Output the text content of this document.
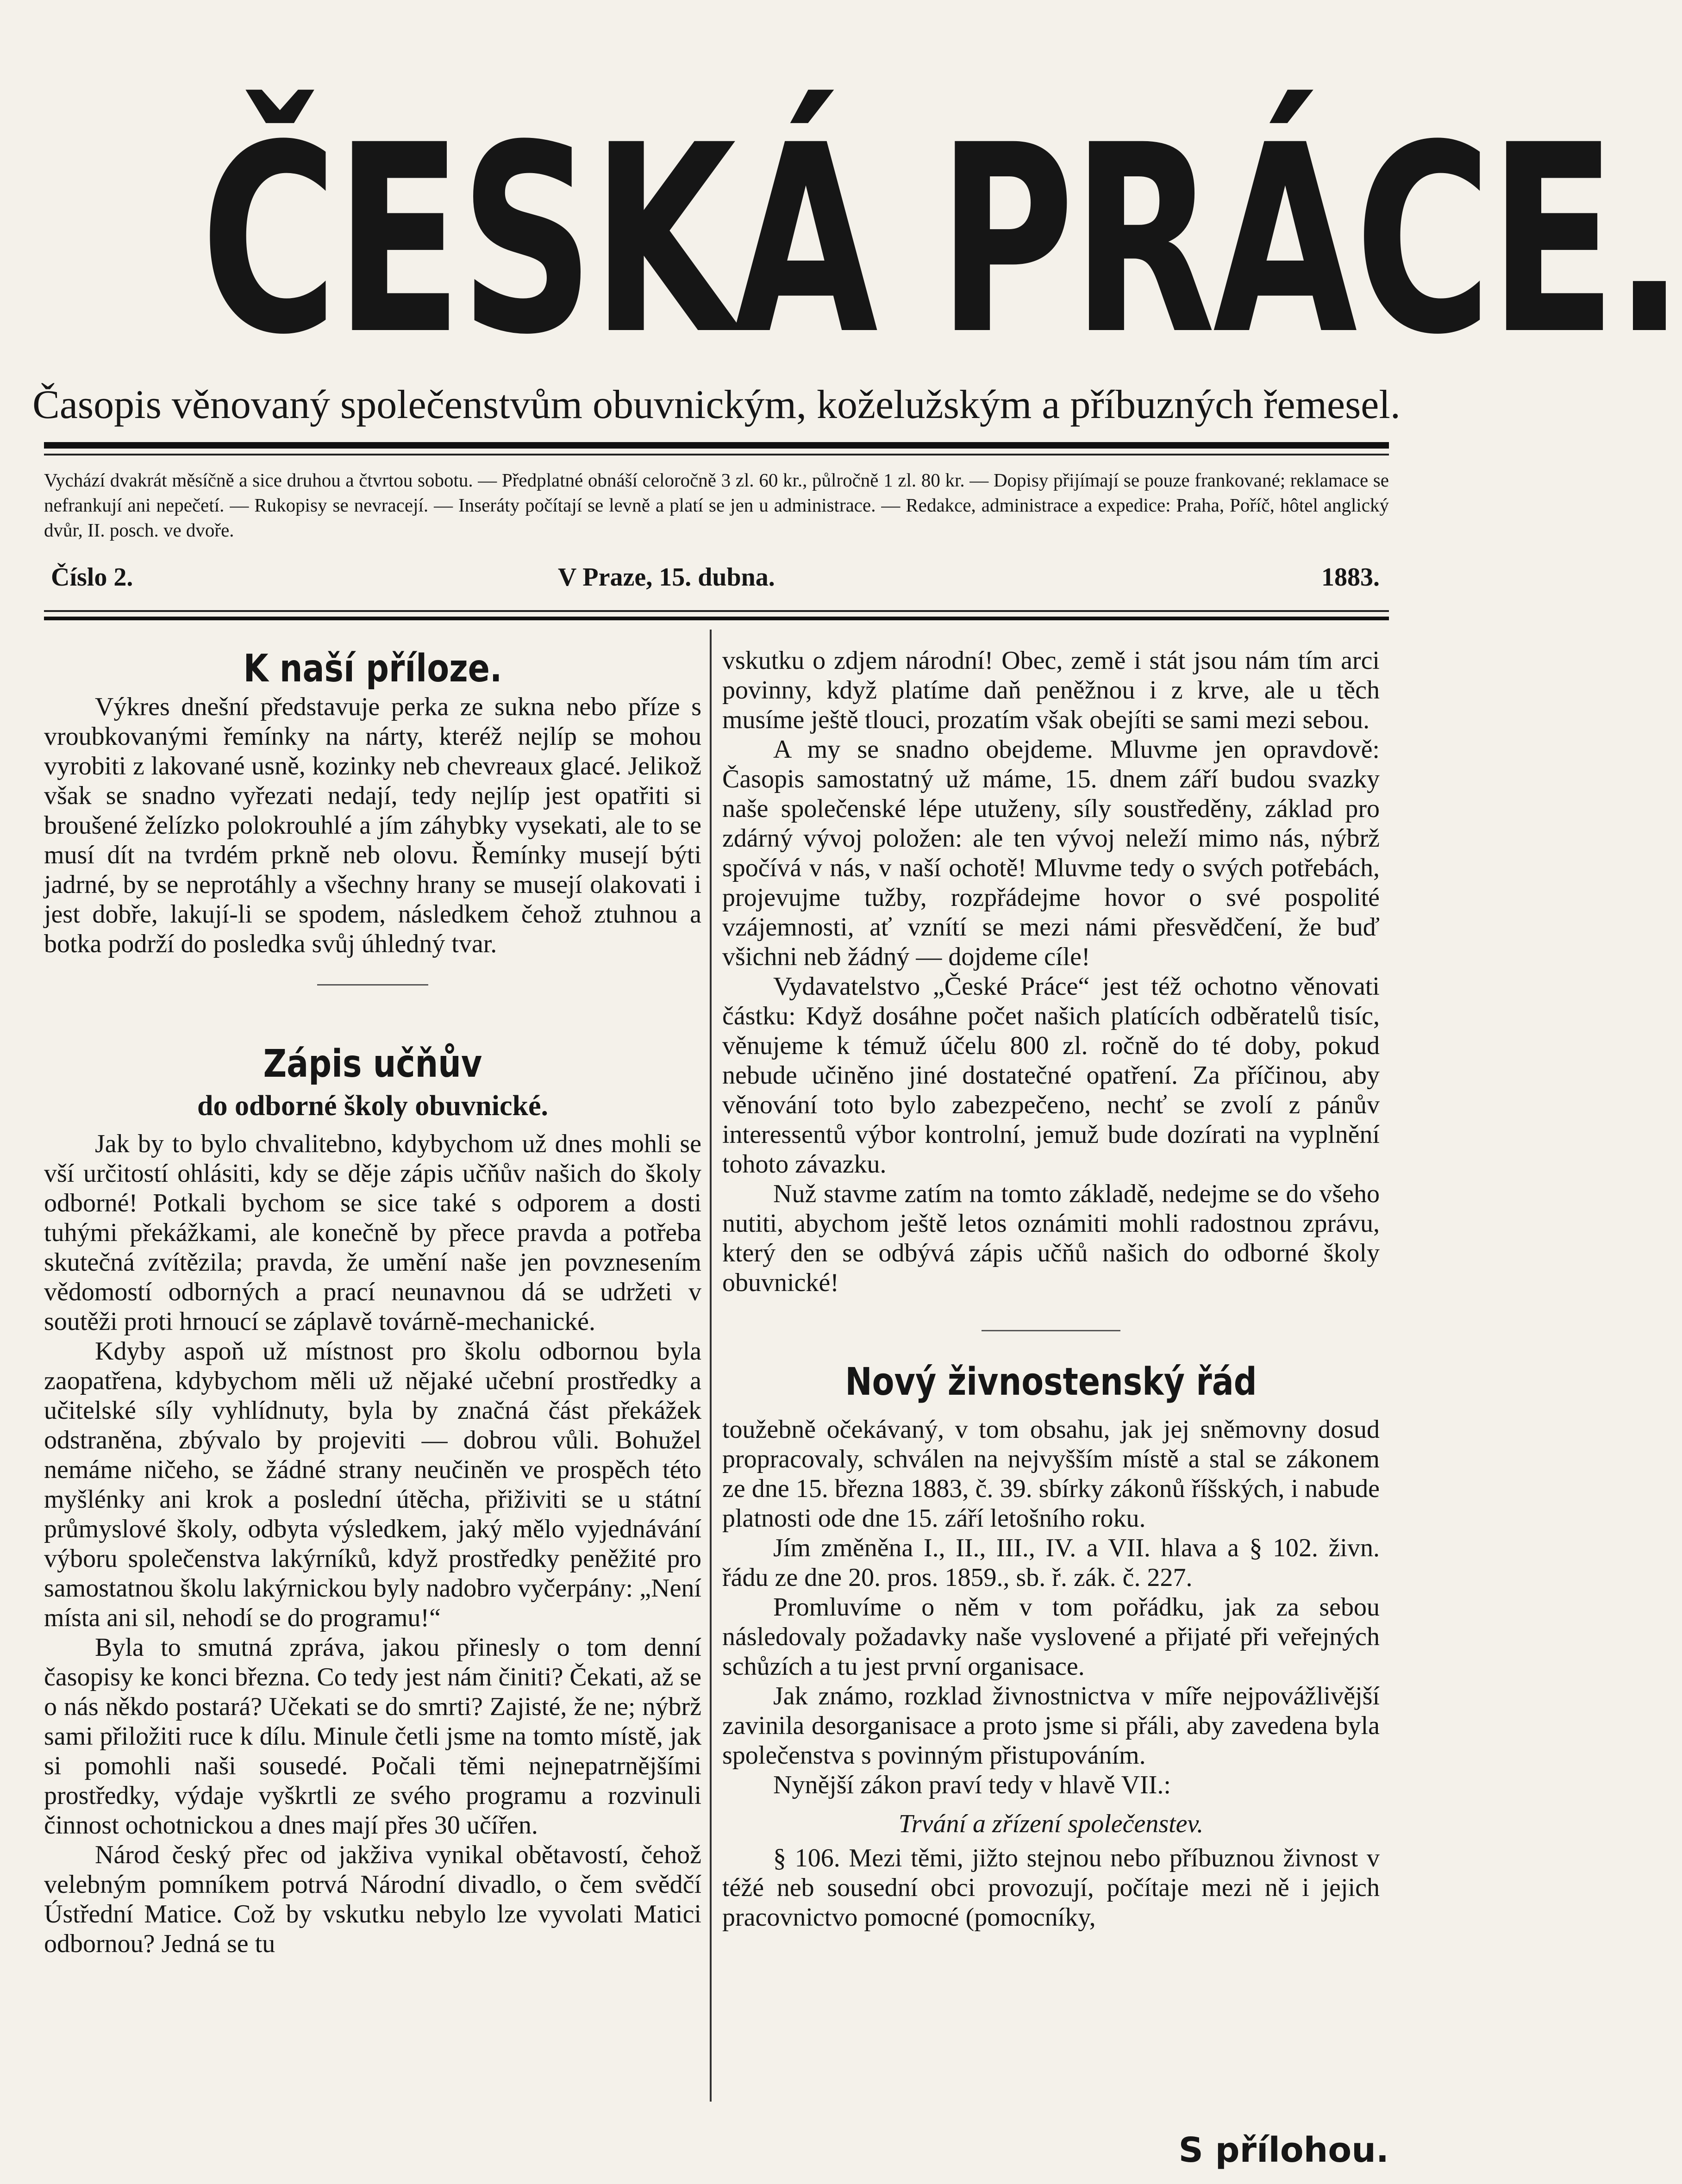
ČESKÁ PRÁCE.
Časopis věnovaný společenstvům obuvnickým, koželužským a příbuzných řemesel.
Vychází dvakrát měsíčně a sice druhou a čtvrtou sobotu. — Předplatné obnáší celoročně 3 zl. 60 kr., půlročně 1 zl. 80 kr. — Dopisy přijímají se pouze frankované; reklamace se nefrankují ani nepečetí. — Rukopisy se nevracejí. — Inseráty počítají se levně a platí se jen u administrace. — Redakce, administrace a expedice: Praha, Poříč, hôtel anglický dvůr, II. posch. ve dvoře.
Číslo 2.	V Praze, 15. dubna.	1883.
K naší příloze.

Výkres dnešní představuje perka ze sukna nebo příze s vroubkovanými řemínky na nárty, kteréž nejlíp se mohou vyrobiti z lakované usně, kozinky neb chevreaux glacé. Jelikož však se snadno vyřezati nedají, tedy nejlíp jest opatřiti si broušené želízko polokrouhlé a jím záhybky vysekati, ale to se musí dít na tvrdém prkně neb olovu. Řemínky musejí býti jadrné, by se neprotáhly a všechny hrany se musejí olakovati i jest dobře, lakují-li se spodem, následkem čehož ztuhnou a botka podrží do posledka svůj úhledný tvar.

Zápis učňův
do odborné školy obuvnické.

Jak by to bylo chvalitebno, kdybychom už dnes mohli se vší určitostí ohlásiti, kdy se děje zápis učňův našich do školy odborné! Potkali bychom se sice také s odporem a dosti tuhými překážkami, ale konečně by přece pravda a potřeba skutečná zvítězila; pravda, že umění naše jen povznesením vědomostí odborných a prací neunavnou dá se udržeti v soutěži proti hrnoucí se záplavě továrně-mechanické.

Kdyby aspoň už místnost pro školu odbornou byla zaopatřena, kdybychom měli už nějaké učební prostředky a učitelské síly vyhlídnuty, byla by značná část překážek odstraněna, zbývalo by projeviti — dobrou vůli. Bohužel nemáme ničeho, se žádné strany neučiněn ve prospěch této myšlénky ani krok a poslední útěcha, přiživiti se u státní průmyslové školy, odbyta výsledkem, jaký mělo vyjednávání výboru společenstva lakýrníků, když prostředky peněžité pro samostatnou školu lakýrnickou byly nadobro vyčerpány: „Není místa ani sil, nehodí se do programu!“

Byla to smutná zpráva, jakou přinesly o tom denní časopisy ke konci března. Co tedy jest nám činiti? Čekati, až se o nás někdo postará? Učekati se do smrti? Zajisté, že ne; nýbrž sami přiložiti ruce k dílu. Minule četli jsme na tomto místě, jak si pomohli naši sousedé. Počali těmi nejnepatrnějšími prostředky, výdaje vyškrtli ze svého programu a rozvinuli činnost ochotnickou a dnes mají přes 30 učířen.

Národ český přec od jakživa vynikal obětavostí, čehož velebným pomníkem potrvá Národní divadlo, o čem svědčí Ústřední Matice. Což by vskutku nebylo lze vyvolati Matici odbornou? Jedná se tu

vskutku o zdjem národní! Obec, země i stát jsou nám tím arci povinny, když platíme daň peněžnou i z krve, ale u těch musíme ještě tlouci, prozatím však obejíti se sami mezi sebou.

A my se snadno obejdeme. Mluvme jen opravdově: Časopis samostatný už máme, 15. dnem září budou svazky naše společenské lépe utuženy, síly soustředěny, základ pro zdárný vývoj položen: ale ten vývoj neleží mimo nás, nýbrž spočívá v nás, v naší ochotě! Mluvme tedy o svých potřebách, projevujme tužby, rozpřádejme hovor o své pospolité vzájemnosti, ať vznítí se mezi námi přesvědčení, že buď všichni neb žádný — dojdeme cíle!

Vydavatelstvo „České Práce“ jest též ochotno věnovati částku: Když dosáhne počet našich platících odběratelů tisíc, věnujeme k témuž účelu 800 zl. ročně do té doby, pokud nebude učiněno jiné dostatečné opatření. Za příčinou, aby věnování toto bylo zabezpečeno, nechť se zvolí z pánův interessentů výbor kontrolní, jemuž bude dozírati na vyplnění tohoto závazku.

Nuž stavme zatím na tomto základě, nedejme se do všeho nutiti, abychom ještě letos oznámiti mohli radostnou zprávu, který den se odbývá zápis učňů našich do odborné školy obuvnické!

Nový živnostenský řád

toužebně očekávaný, v tom obsahu, jak jej sněmovny dosud propracovaly, schválen na nejvyšším místě a stal se zákonem ze dne 15. března 1883, č. 39. sbírky zákonů říšských, i nabude platnosti ode dne 15. září letošního roku.

Jím změněna I., II., III., IV. a VII. hlava a § 102. živn. řádu ze dne 20. pros. 1859., sb. ř. zák. č. 227.

Promluvíme o něm v tom pořádku, jak za sebou následovaly požadavky naše vyslovené a přijaté při veřejných schůzích a tu jest první organisace.

Jak známo, rozklad živnostnictva v míře nejpovážlivější zavinila desorganisace a proto jsme si přáli, aby zavedena byla společenstva s povinným přistupováním.

Nynější zákon praví tedy v hlavě VII.:

Trvání a zřízení společenstev.

§ 106. Mezi těmi, jižto stejnou nebo příbuznou živnost v téžé neb sousední obci provozují, počítaje mezi ně i jejich pracovnictvo pomocné (pomocníky,

S přílohou.
